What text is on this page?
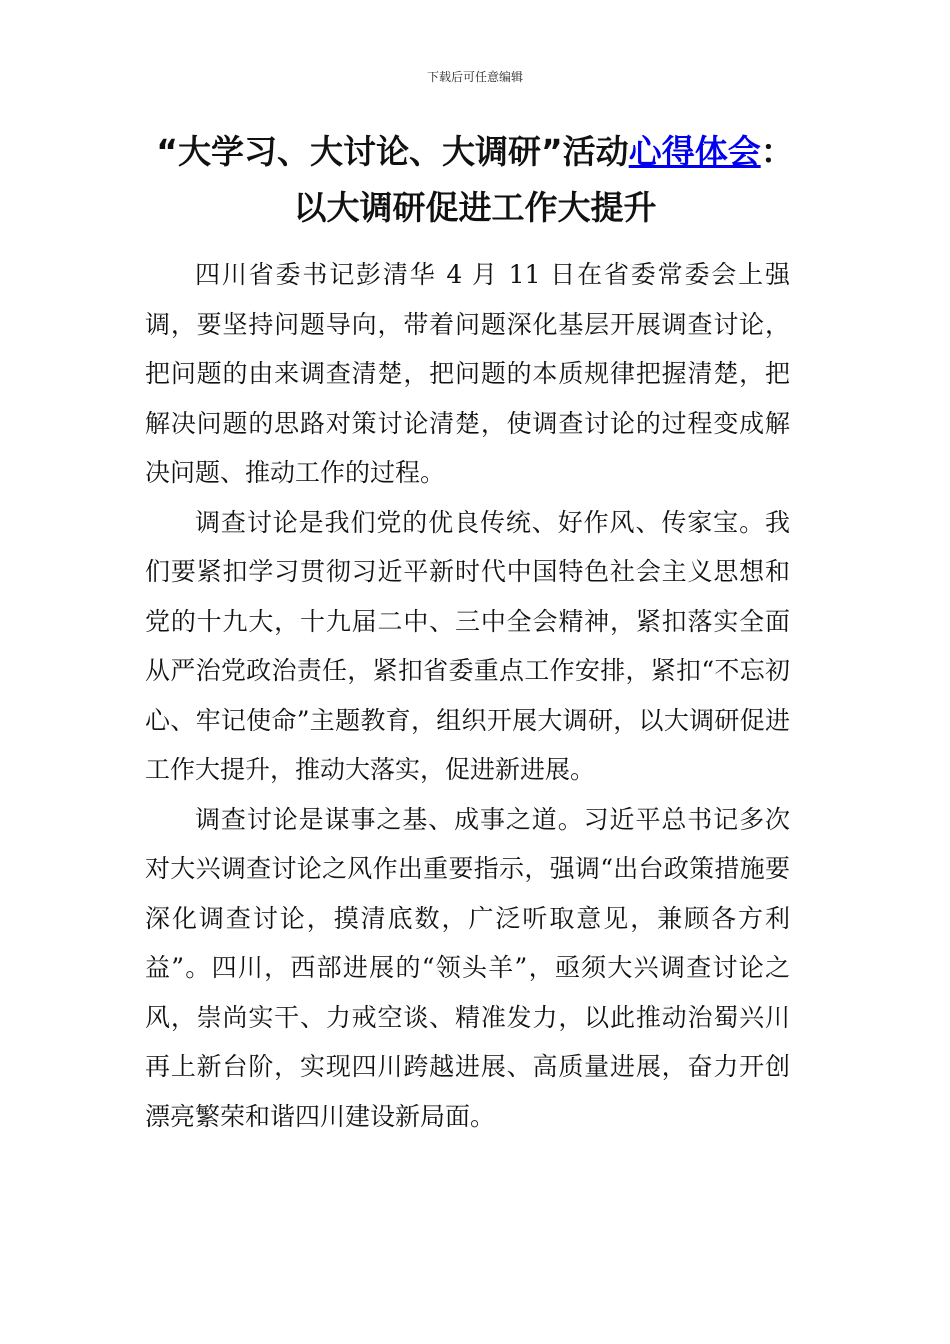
下载后可任意编辑
“大学习、大讨论、大调研”活动心得体会：以大调研促进工作大提升

四川省委书记彭清华 4 月 11 日在省委常委会上强调，要坚持问题导向，带着问题深化基层开展调查讨论，把问题的由来调查清楚，把问题的本质规律把握清楚，把解决问题的思路对策讨论清楚，使调查讨论的过程变成解决问题、推动工作的过程。

调查讨论是我们党的优良传统、好作风、传家宝。我们要紧扣学习贯彻习近平新时代中国特色社会主义思想和党的十九大，十九届二中、三中全会精神，紧扣落实全面从严治党政治责任，紧扣省委重点工作安排，紧扣“不忘初心、牢记使命”主题教育，组织开展大调研，以大调研促进工作大提升，推动大落实，促进新进展。

调查讨论是谋事之基、成事之道。习近平总书记多次对大兴调查讨论之风作出重要指示，强调“出台政策措施要深化调查讨论，摸清底数，广泛听取意见，兼顾各方利益”。四川，西部进展的“领头羊”，亟须大兴调查讨论之风，崇尚实干、力戒空谈、精准发力，以此推动治蜀兴川再上新台阶，实现四川跨越进展、高质量进展，奋力开创漂亮繁荣和谐四川建设新局面。
